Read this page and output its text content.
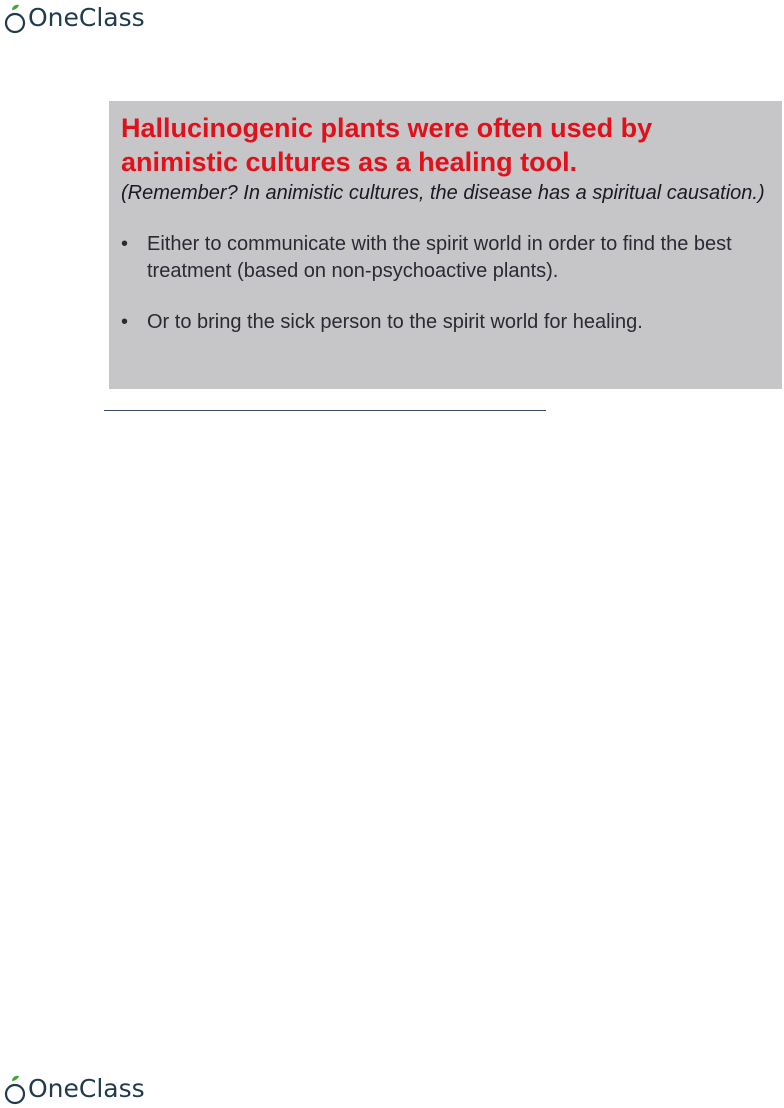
OneClass

Hallucinogenic plants were often used by animistic cultures as a healing tool.

(Remember? In animistic cultures, the disease has a spiritual causation.)
• Either to communicate with the spirit world in order to find the best treatment (based on non-psychoactive plants).
• Or to bring the sick person to the spirit world for healing.
OneClass
